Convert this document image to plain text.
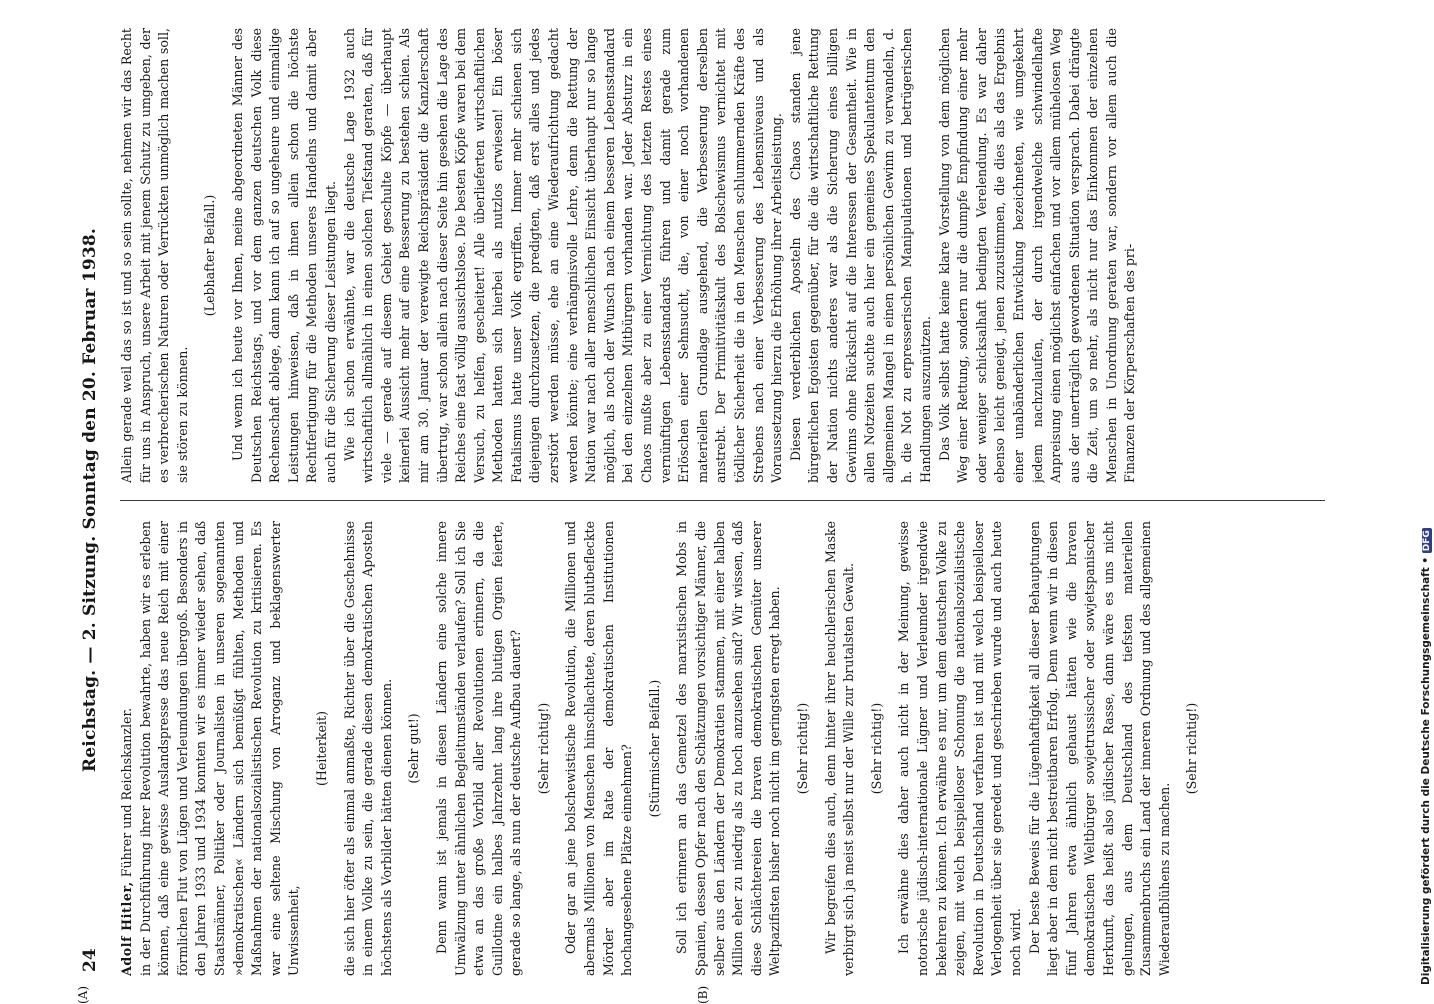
24
Reichstag. — 2. Sitzung. Sonntag den 20. Februar 1938.
(A)	(B)

Adolf Hitler, Führer und Reichskanzler. in der Durchführung ihrer Revolution bewahrte, haben wir es erleben können, daß eine gewisse Auslandspresse das neue Reich mit einer förmlichen Flut von Lügen und Verleumdungen übergoß. Besonders in den Jahren 1933 und 1934 konnten wir es immer wieder sehen, daß Staatsmänner, Politiker oder Journalisten in unseren sogenannten »demokratischen« Ländern sich bemüßigt fühlten, Methoden und Maßnahmen der nationalsozialistischen Revolution zu kritisieren. Es war eine seltene Mischung von Arroganz und beklagenswerter Unwissenheit,

(Heiterkeit) die sich hier öfter als einmal anmaßte, Richter über die Geschehnisse in einem Volke zu sein, die gerade diesen demokratischen Aposteln höchstens als Vorbilder hätten dienen können. (Sehr gut!) Denn wann ist jemals in diesen Ländern eine solche innere Umwälzung unter ähnlichen Begleitumständen verlaufen? Soll ich Sie etwa an das große Vorbild aller Revolutionen erinnern, da die Guillotine ein halbes Jahrzehnt lang ihre blutigen Orgien feierte, gerade so lange, als nun der deutsche Aufbau dauert? (Sehr richtig!) Oder gar an jene bolschewistische Revolution, die Millionen und abermals Millionen von Menschen hinschlachtete, deren blutbefleckte Mörder aber im Rate der demokratischen Institutionen hochangesehene Plätze einnehmen? (Stürmischer Beifall.) Soll ich erinnern an das Gemetzel des marxistischen Mobs in Spanien, dessen Opfer nach den Schätzungen vorsichtiger Männer, die selber aus den Ländern der Demokratien stammen, mit einer halben Million eher zu niedrig als zu hoch anzusehen sind? Wir wissen, daß diese Schlächtereien die braven demokratischen Gemüter unserer Weltpazifisten bisher noch nicht im geringsten erregt haben. (Sehr richtig!) Wir begreifen dies auch, denn hinter ihrer heuchlerischen Maske verbirgt sich ja meist selbst nur der Wille zur brutalsten Gewalt. (Sehr richtig!) Ich erwähne dies daher auch nicht in der Meinung, gewisse notorische jüdisch-internationale Lügner und Verleumder irgendwie bekehren zu können. Ich erwähne es nur, um dem deutschen Volke zu zeigen, mit welch beispielloser Schonung die nationalsozialistische Revolution in Deutschland verfahren ist und mit welch beispielloser Verlogenheit über sie geredet und geschrieben wurde und auch heute noch wird. Der beste Beweis für die Lügenhaftigkeit all dieser Behauptungen liegt aber in dem nicht bestreitbaren Erfolg. Denn wenn wir in diesen fünf Jahren etwa ähnlich gehaust hätten wie die braven demokratischen Weltbürger sowjetrussischer oder sowjetspanischer Herkunft, das heißt also jüdischer Rasse, dann wäre es uns nicht gelungen, aus dem Deutschland des tiefsten materiellen Zusammenbruchs ein Land der inneren Ordnung und des allgemeinen Wiederaufblühens zu machen.

(Sehr richtig!)

Allein gerade weil das so ist und so sein sollte, nehmen wir das Recht für uns in Anspruch, unsere Arbeit mit jenem Schutz zu umgeben, der es verbrecherischen Naturen oder Verrückten unmöglich machen soll, sie stören zu können.

(Lebhafter Beifall.) Und wenn ich heute vor Ihnen, meine abgeordneten Männer des Deutschen Reichstags, und vor dem ganzen deutschen Volk diese Rechenschaft ablege, dann kann ich auf so ungeheure und einmalige Leistungen hinweisen, daß in ihnen allein schon die höchste Rechtfertigung für die Methoden unseres Handelns und damit aber auch für die Sicherung dieser Leistungen liegt. Wie ich schon erwähnte, war die deutsche Lage 1932 auch wirtschaftlich allmählich in einen solchen Tiefstand geraten, daß für viele — gerade auf diesem Gebiet geschulte Köpfe — überhaupt keinerlei Aussicht mehr auf eine Besserung zu bestehen schien. Als mir am 30. Januar der verewigte Reichspräsident die Kanzlerschaft übertrug, war schon allein nach dieser Seite hin gesehen die Lage des Reiches eine fast völlig aussichtslose. Die besten Köpfe waren bei dem Versuch, zu helfen, gescheitert! Alle überlieferten wirtschaftlichen Methoden hatten sich hierbei als nutzlos erwiesen! Ein böser Fatalismus hatte unser Volk ergriffen. Immer mehr schienen sich diejenigen durchzusetzen, die predigten, daß erst alles und jedes zerstört werden müsse, ehe an eine Wiederaufrichtung gedacht werden könnte; eine verhängnisvolle Lehre, denn die Rettung der Nation war nach aller menschlichen Einsicht überhaupt nur so lange möglich, als noch der Wunsch nach einem besseren Lebensstandard bei den einzelnen Mitbürgern vorhanden war. Jeder Absturz in ein Chaos mußte aber zu einer Vernichtung des letzten Restes eines vernünftigen Lebensstandards führen und damit gerade zum Erlöschen einer Sehnsucht, die, von einer noch vorhandenen materiellen Grundlage ausgehend, die Verbesserung derselben anstrebt. Der Primitivitätskult des Bolschewismus vernichtet mit tödlicher Sicherheit die in den Menschen schlummernden Kräfte des Strebens nach einer Verbesserung des Lebensniveaus und als Voraussetzung hierzu die Erhöhung ihrer Arbeitsleistung. Diesen verderblichen Aposteln des Chaos standen jene bürgerlichen Egoisten gegenüber, für die die wirtschaftliche Rettung der Nation nichts anderes war als die Sicherung eines billigen Gewinns ohne Rücksicht auf die Interessen der Gesamtheit. Wie in allen Notzeiten suchte auch hier ein gemeines Spekulantentum den allgemeinen Mangel in einen persönlichen Gewinn zu verwandeln, d. h. die Not zu erpresserischen Manipulationen und betrügerischen Handlungen auszunützen. Das Volk selbst hatte keine klare Vorstellung von dem möglichen Weg einer Rettung, sondern nur die dumpfe Empfindung einer mehr oder weniger schicksalhaft bedingten Verelendung. Es war daher ebenso leicht geneigt, jenen zuzustimmen, die dies als das Ergebnis einer unabänderlichen Entwicklung bezeichneten, wie umgekehrt jedem nachzulaufen, der durch irgendwelche schwindelhafte Anpreisung einen möglichst einfachen und vor allem mühelosen Weg aus der unerträglich gewordenen Situation versprach. Dabei drängte die Zeit, um so mehr, als nicht nur das Einkommen der einzelnen Menschen in Unordnung geraten war, sondern vor allem auch die Finanzen der Körperschaften des pri-

Digitalisierung gefördert durch die Deutsche Forschungsgemeinschaft • DFG
